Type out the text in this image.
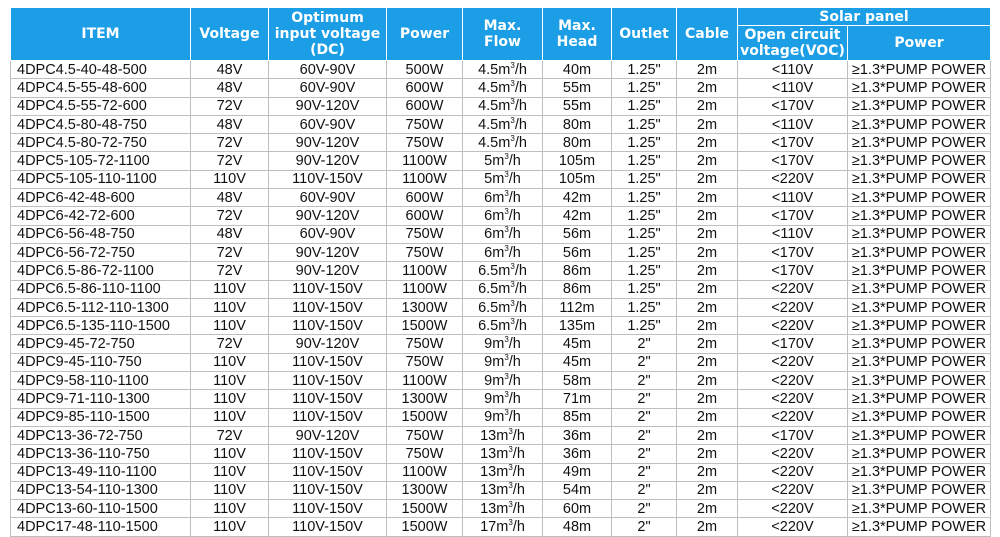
ITEM	Voltage	Optimum input voltage (DC)	Power	Max. Flow	Max. Head	Outlet	Cable	Solar panel	
								Open circuit voltage(VOC)	Power
4DPC4.5-40-48-500	48V	60V-90V	500W	$4.5m^3/h$	40m	1.25"	2m	<110V	≥1.3*PUMP POWER
4DPC4.5-55-48-600	48V	60V-90V	600W	$4.5m^3/h$	55m	1.25"	2m	<110V	≥1.3*PUMP POWER
4DPC4.5-55-72-600	72V	90V-120V	600W	$4.5m^3/h$	55m	1.25"	2m	<170V	≥1.3*PUMP POWER
4DPC4.5-80-48-750	48V	60V-90V	750W	$4.5m^3/h$	80m	1.25"	2m	<110V	≥1.3*PUMP POWER
4DPC4.5-80-72-750	72V	90V-120V	750W	$4.5m^3/h$	80m	1.25"	2m	<170V	≥1.3*PUMP POWER
4DPC5-105-72-1100	72V	90V-120V	1100W	$5m^3/h$	105m	1.25"	2m	<170V	≥1.3*PUMP POWER
4DPC5-105-110-1100	110V	110V-150V	1100W	$5m^3/h$	105m	1.25"	2m	<220V	≥1.3*PUMP POWER
4DPC6-42-48-600	48V	60V-90V	600W	$6m^3/h$	42m	1.25"	2m	<110V	≥1.3*PUMP POWER
4DPC6-42-72-600	72V	90V-120V	600W	$6m^3/h$	42m	1.25"	2m	<170V	≥1.3*PUMP POWER
4DPC6-56-48-750	48V	60V-90V	750W	$6m^3/h$	56m	1.25"	2m	<110V	≥1.3*PUMP POWER
4DPC6-56-72-750	72V	90V-120V	750W	$6m^3/h$	56m	1.25"	2m	<170V	≥1.3*PUMP POWER
4DPC6.5-86-72-1100	72V	90V-120V	1100W	$6.5m^3/h$	86m	1.25"	2m	<170V	≥1.3*PUMP POWER
4DPC6.5-86-110-1100	110V	110V-150V	1100W	$6.5m^3/h$	86m	1.25"	2m	<220V	≥1.3*PUMP POWER
4DPC6.5-112-110-1300	110V	110V-150V	1300W	$6.5m^3/h$	112m	1.25"	2m	<220V	≥1.3*PUMP POWER
4DPC6.5-135-110-1500	110V	110V-150V	1500W	$6.5m^3/h$	135m	1.25"	2m	<220V	≥1.3*PUMP POWER
4DPC9-45-72-750	72V	90V-120V	750W	$9m^3/h$	45m	2"	2m	<170V	≥1.3*PUMP POWER
4DPC9-45-110-750	110V	110V-150V	750W	$9m^3/h$	45m	2"	2m	<220V	≥1.3*PUMP POWER
4DPC9-58-110-1100	110V	110V-150V	1100W	$9m^3/h$	58m	2"	2m	<220V	≥1.3*PUMP POWER
4DPC9-71-110-1300	110V	110V-150V	1300W	$9m^3/h$	71m	2"	2m	<220V	≥1.3*PUMP POWER
4DPC9-85-110-1500	110V	110V-150V	1500W	$9m^3/h$	85m	2"	2m	<220V	≥1.3*PUMP POWER
4DPC13-36-72-750	72V	90V-120V	750W	$13m^3/h$	36m	2"	2m	<170V	≥1.3*PUMP POWER
4DPC13-36-110-750	110V	110V-150V	750W	$13m^3/h$	36m	2"	2m	<220V	≥1.3*PUMP POWER
4DPC13-49-110-1100	110V	110V-150V	1100W	$13m^3/h$	49m	2"	2m	<220V	≥1.3*PUMP POWER
4DPC13-54-110-1300	110V	110V-150V	1300W	$13m^3/h$	54m	2"	2m	<220V	≥1.3*PUMP POWER
4DPC13-60-110-1500	110V	110V-150V	1500W	$13m^3/h$	60m	2"	2m	<220V	≥1.3*PUMP POWER
4DPC17-48-110-1500	110V	110V-150V	1500W	$17m^3/h$	48m	2"	2m	<220V	≥1.3*PUMP POWER
